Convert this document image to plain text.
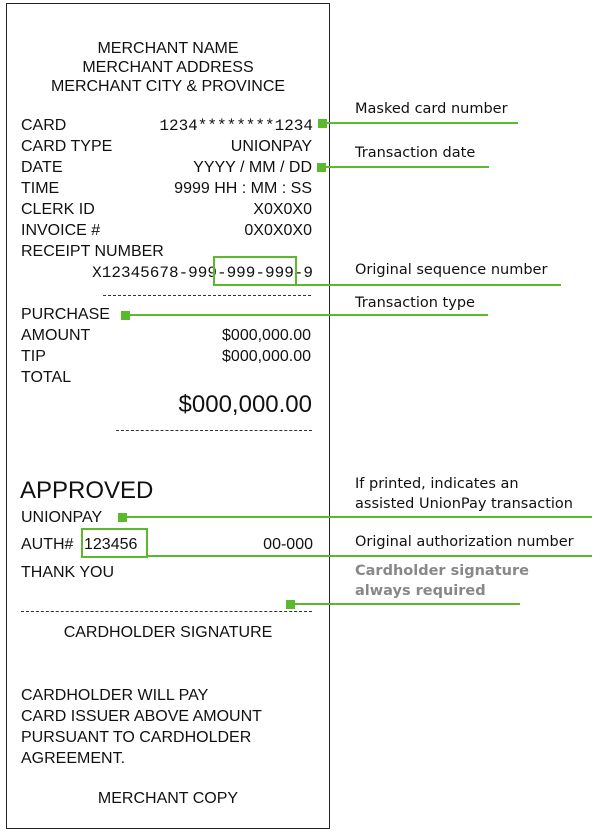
MERCHANT NAME
MERCHANT ADDRESS
MERCHANT CITY & PROVINCE
CARD	1234********1234
CARD TYPE	UNIONPAY
DATE	YYYY / MM / DD
TIME	9999 HH : MM : SS
CLERK ID	X0X0X0
INVOICE #	0X0X0X0
RECEIPT NUMBER
X12345678-999-999-999-9
PURCHASE
AMOUNT	$000,000.00
TIP	$000,000.00
TOTAL
$000,000.00
APPROVED
UNIONPAY
AUTH# 123456	00-000
THANK YOU
CARDHOLDER SIGNATURE
CARDHOLDER WILL PAY
CARD ISSUER ABOVE AMOUNT
PURSUANT TO CARDHOLDER
AGREEMENT.
MERCHANT COPY
Masked card number
Transaction date
Original sequence number
Transaction type
If printed, indicates an
assisted UnionPay transaction
Original authorization number
Cardholder signature
always required
